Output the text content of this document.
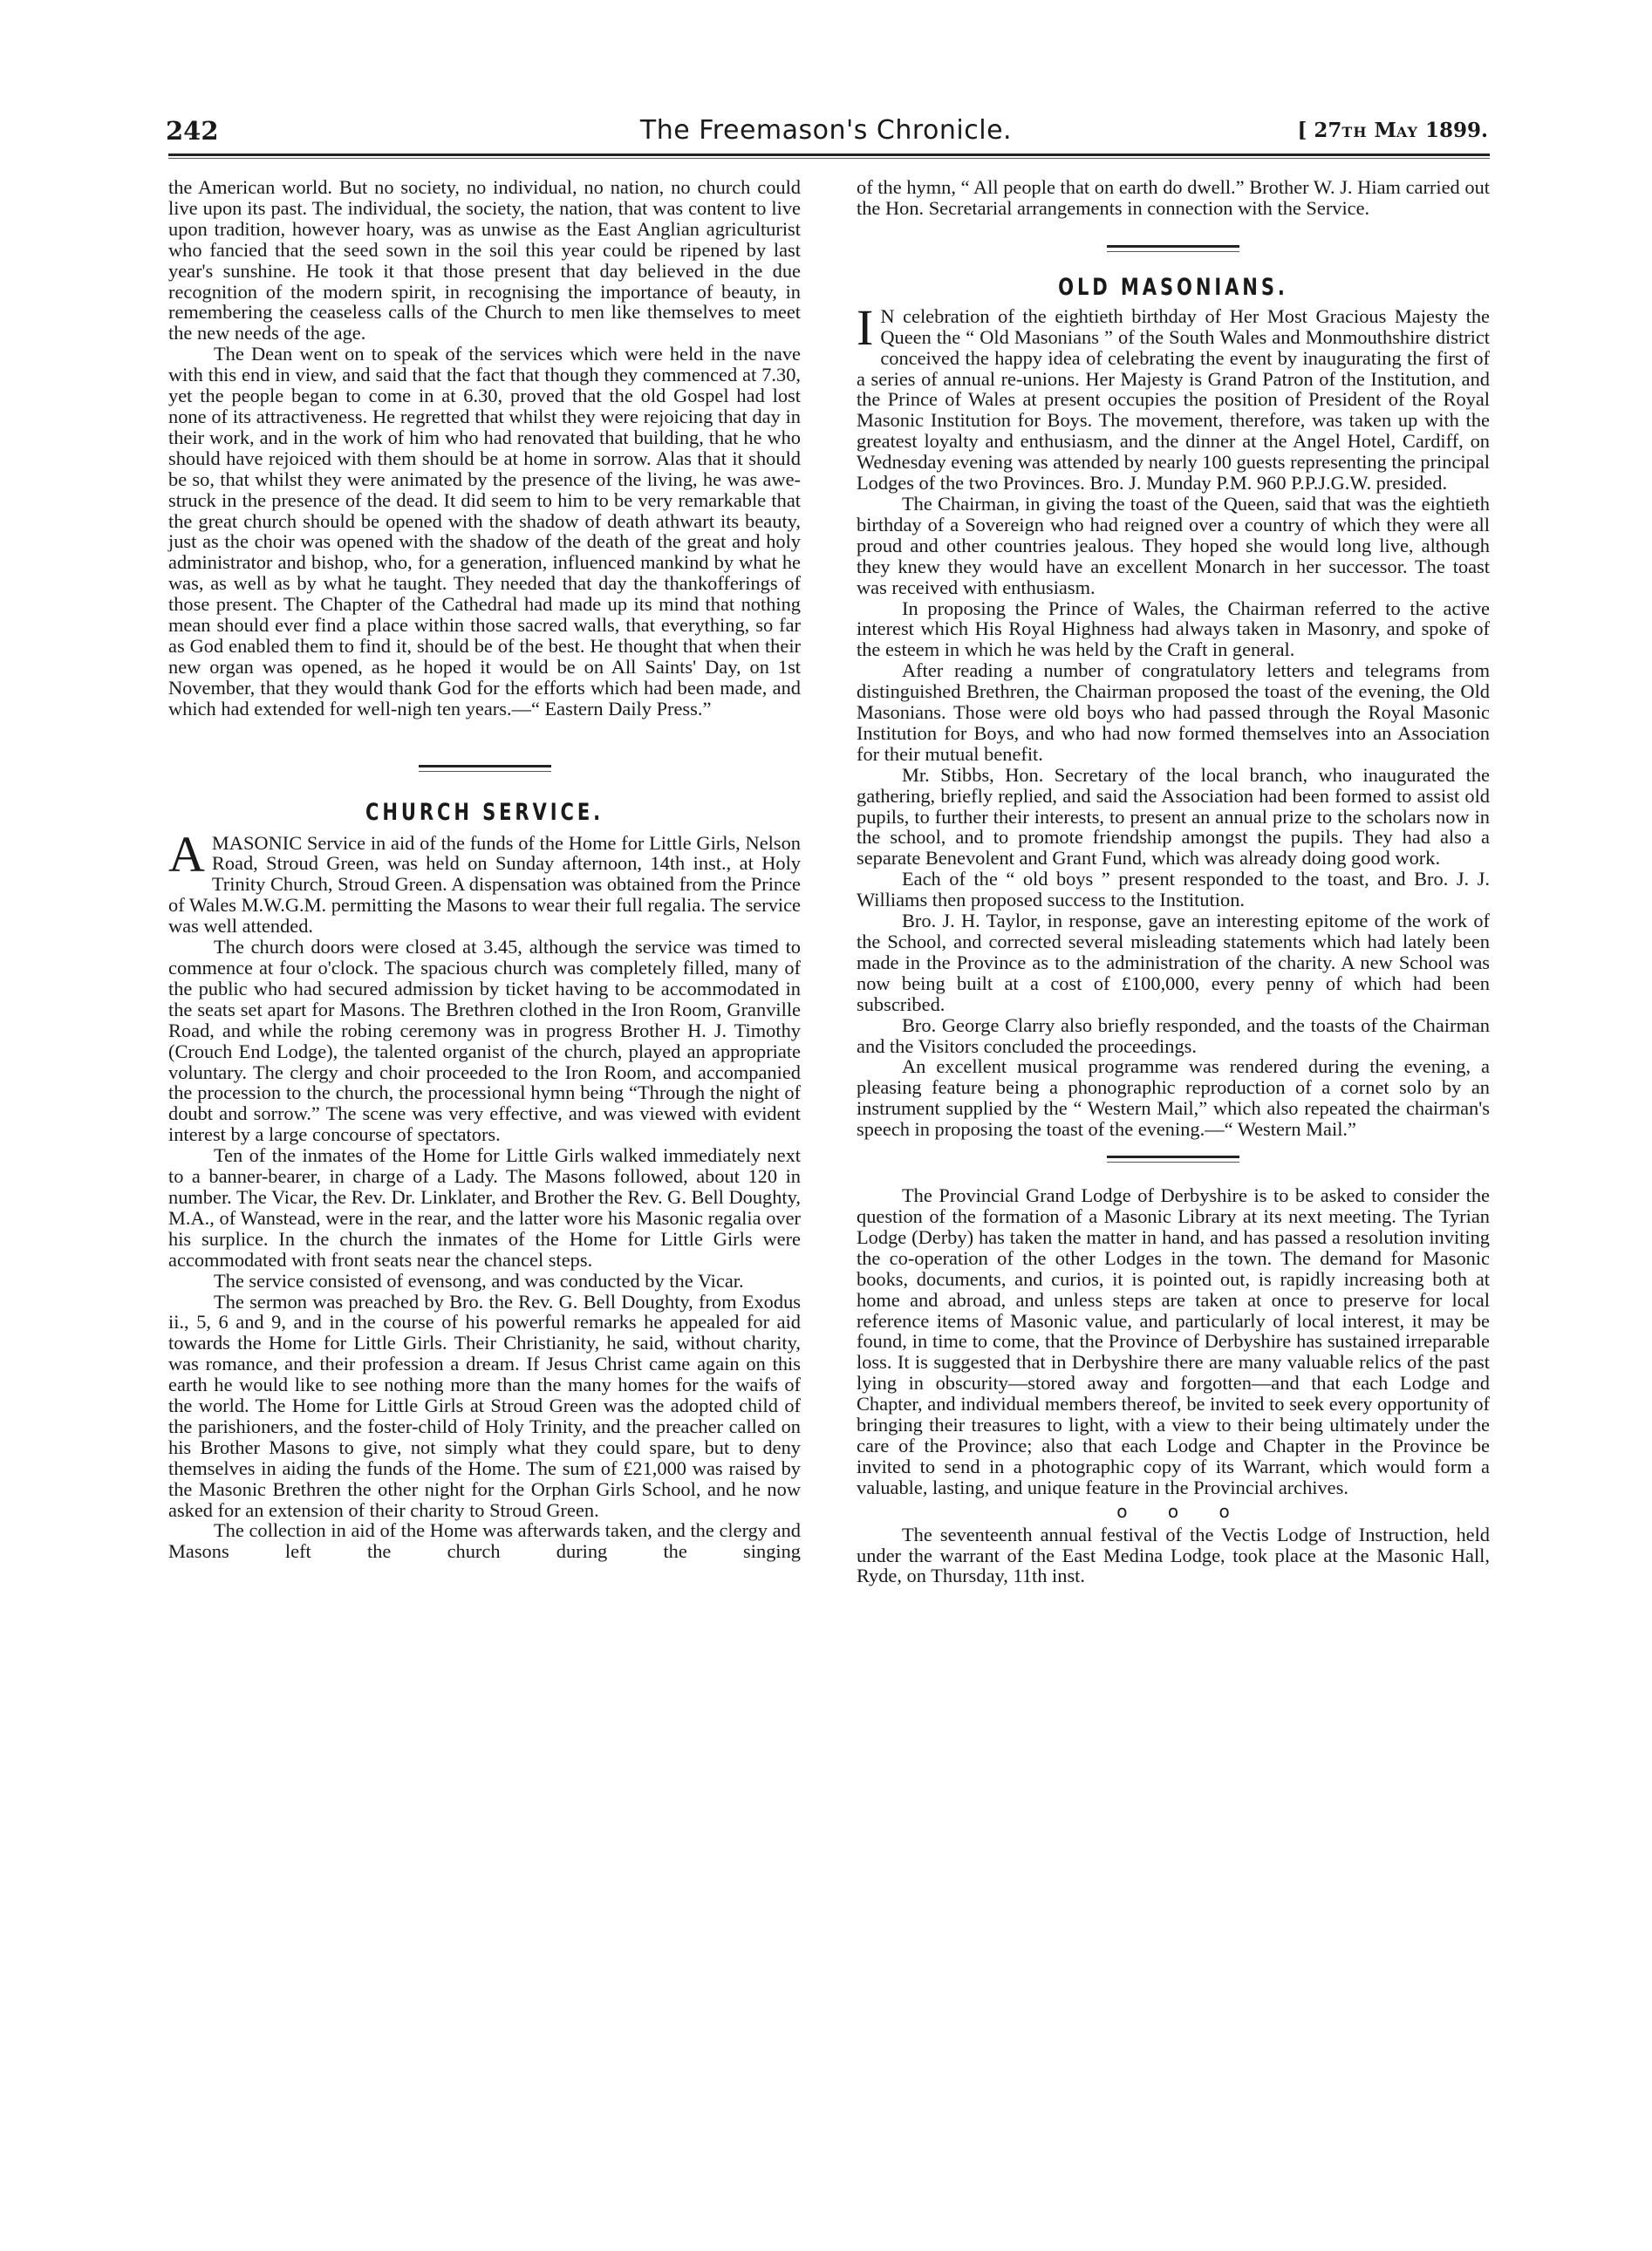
242	The Freemason's Chronicle.	[ 27TH MAY 1899.

the American world. But no society, no individual, no nation, no church could live upon its past. The individual, the society, the nation, that was content to live upon tradition, however hoary, was as unwise as the East Anglian agriculturist who fancied that the seed sown in the soil this year could be ripened by last year's sunshine. He took it that those present that day believed in the due recognition of the modern spirit, in recognising the importance of beauty, in remembering the ceaseless calls of the Church to men like themselves to meet the new needs of the age.

The Dean went on to speak of the services which were held in the nave with this end in view, and said that the fact that though they commenced at 7.30, yet the people began to come in at 6.30, proved that the old Gospel had lost none of its attractiveness. He regretted that whilst they were rejoicing that day in their work, and in the work of him who had renovated that building, that he who should have rejoiced with them should be at home in sorrow. Alas that it should be so, that whilst they were animated by the presence of the living, he was awe-struck in the presence of the dead. It did seem to him to be very remarkable that the great church should be opened with the shadow of death athwart its beauty, just as the choir was opened with the shadow of the death of the great and holy administrator and bishop, who, for a generation, influenced mankind by what he was, as well as by what he taught. They needed that day the thankofferings of those present. The Chapter of the Cathedral had made up its mind that nothing mean should ever find a place within those sacred walls, that everything, so far as God enabled them to find it, should be of the best. He thought that when their new organ was opened, as he hoped it would be on All Saints' Day, on 1st November, that they would thank God for the efforts which had been made, and which had extended for well-nigh ten years.—“ Eastern Daily Press.”

CHURCH SERVICE.

AMASONIC Service in aid of the funds of the Home for Little Girls, Nelson Road, Stroud Green, was held on Sunday afternoon, 14th inst., at Holy Trinity Church, Stroud Green. A dispensation was obtained from the Prince of Wales M.W.G.M. permitting the Masons to wear their full regalia. The service was well attended.

The church doors were closed at 3.45, although the service was timed to commence at four o'clock. The spacious church was completely filled, many of the public who had secured admission by ticket having to be accommodated in the seats set apart for Masons. The Brethren clothed in the Iron Room, Granville Road, and while the robing ceremony was in progress Brother H. J. Timothy (Crouch End Lodge), the talented organist of the church, played an appropriate voluntary. The clergy and choir proceeded to the Iron Room, and accompanied the procession to the church, the processional hymn being “Through the night of doubt and sorrow.” The scene was very effective, and was viewed with evident interest by a large concourse of spectators.

Ten of the inmates of the Home for Little Girls walked immediately next to a banner-bearer, in charge of a Lady. The Masons followed, about 120 in number. The Vicar, the Rev. Dr. Linklater, and Brother the Rev. G. Bell Doughty, M.A., of Wanstead, were in the rear, and the latter wore his Masonic regalia over his surplice. In the church the inmates of the Home for Little Girls were accommodated with front seats near the chancel steps.

The service consisted of evensong, and was conducted by the Vicar.

The sermon was preached by Bro. the Rev. G. Bell Doughty, from Exodus ii., 5, 6 and 9, and in the course of his powerful remarks he appealed for aid towards the Home for Little Girls. Their Christianity, he said, without charity, was romance, and their profession a dream. If Jesus Christ came again on this earth he would like to see nothing more than the many homes for the waifs of the world. The Home for Little Girls at Stroud Green was the adopted child of the parishioners, and the foster-child of Holy Trinity, and the preacher called on his Brother Masons to give, not simply what they could spare, but to deny themselves in aiding the funds of the Home. The sum of £21,000 was raised by the Masonic Brethren the other night for the Orphan Girls School, and he now asked for an extension of their charity to Stroud Green.

The collection in aid of the Home was afterwards taken, and the clergy and Masons left the church during the singing

of the hymn, “ All people that on earth do dwell.” Brother W. J. Hiam carried out the Hon. Secretarial arrangements in connection with the Service.

OLD MASONIANS.

I N celebration of the eightieth birthday of Her Most Gracious Majesty the Queen the “ Old Masonians ” of the South Wales and Monmouthshire district conceived the happy idea of celebrating the event by inaugurating the first of a series of annual re-unions. Her Majesty is Grand Patron of the Institution, and the Prince of Wales at present occupies the position of President of the Royal Masonic Institution for Boys. The movement, therefore, was taken up with the greatest loyalty and enthusiasm, and the dinner at the Angel Hotel, Cardiff, on Wednesday evening was attended by nearly 100 guests representing the principal Lodges of the two Provinces. Bro. J. Munday P.M. 960 P.P.J.G.W. presided.

The Chairman, in giving the toast of the Queen, said that was the eightieth birthday of a Sovereign who had reigned over a country of which they were all proud and other countries jealous. They hoped she would long live, although they knew they would have an excellent Monarch in her successor. The toast was received with enthusiasm.

In proposing the Prince of Wales, the Chairman referred to the active interest which His Royal Highness had always taken in Masonry, and spoke of the esteem in which he was held by the Craft in general.

After reading a number of congratulatory letters and telegrams from distinguished Brethren, the Chairman proposed the toast of the evening, the Old Masonians. Those were old boys who had passed through the Royal Masonic Institution for Boys, and who had now formed themselves into an Association for their mutual benefit.

Mr. Stibbs, Hon. Secretary of the local branch, who inaugurated the gathering, briefly replied, and said the Association had been formed to assist old pupils, to further their interests, to present an annual prize to the scholars now in the school, and to promote friendship amongst the pupils. They had also a separate Benevolent and Grant Fund, which was already doing good work.

Each of the “ old boys ” present responded to the toast, and Bro. J. J. Williams then proposed success to the Institution.

Bro. J. H. Taylor, in response, gave an interesting epitome of the work of the School, and corrected several misleading statements which had lately been made in the Province as to the administration of the charity. A new School was now being built at a cost of £100,000, every penny of which had been subscribed.

Bro. George Clarry also briefly responded, and the toasts of the Chairman and the Visitors concluded the proceedings.

An excellent musical programme was rendered during the evening, a pleasing feature being a phonographic reproduction of a cornet solo by an instrument supplied by the “ Western Mail,” which also repeated the chairman's speech in proposing the toast of the evening.—“ Western Mail.”

The Provincial Grand Lodge of Derbyshire is to be asked to consider the question of the formation of a Masonic Library at its next meeting. The Tyrian Lodge (Derby) has taken the matter in hand, and has passed a resolution inviting the co-operation of the other Lodges in the town. The demand for Masonic books, documents, and curios, it is pointed out, is rapidly increasing both at home and abroad, and unless steps are taken at once to preserve for local reference items of Masonic value, and particularly of local interest, it may be found, in time to come, that the Province of Derbyshire has sustained irreparable loss. It is suggested that in Derbyshire there are many valuable relics of the past lying in obscurity—stored away and forgotten—and that each Lodge and Chapter, and individual members thereof, be invited to seek every opportunity of bringing their treasures to light, with a view to their being ultimately under the care of the Province; also that each Lodge and Chapter in the Province be invited to send in a photographic copy of its Warrant, which would form a valuable, lasting, and unique feature in the Provincial archives.

o o o

The seventeenth annual festival of the Vectis Lodge of Instruction, held under the warrant of the East Medina Lodge, took place at the Masonic Hall, Ryde, on Thursday, 11th inst.
